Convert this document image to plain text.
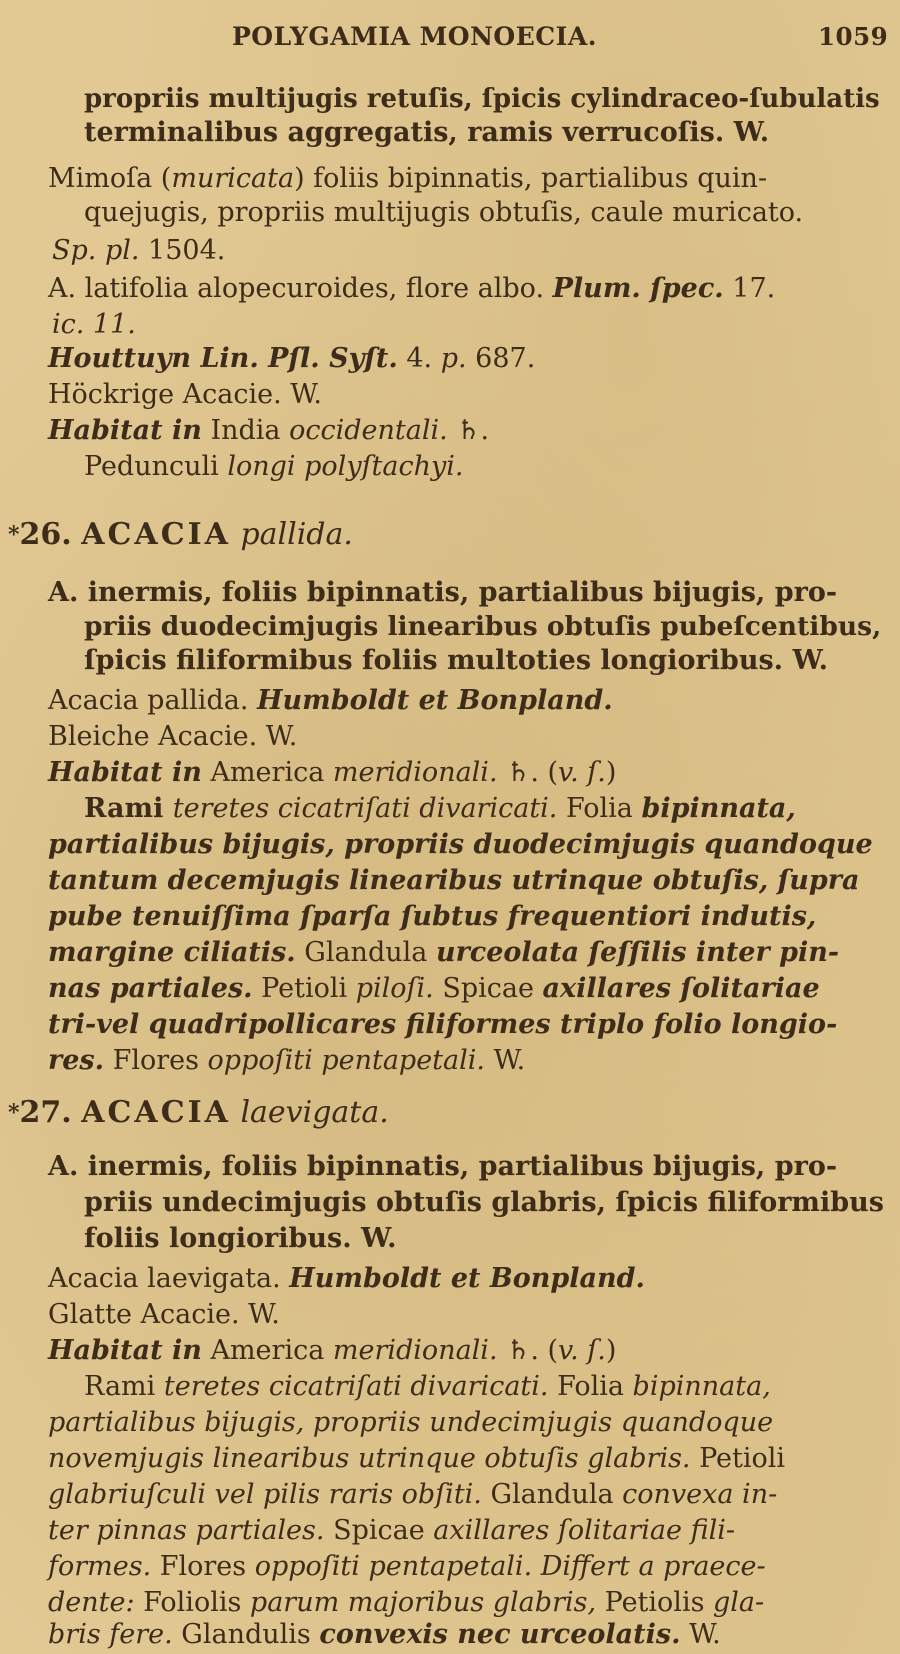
POLYGAMIA MONOECIA.	1059
propriis multijugis retuſis, ſpicis cylindraceo-ſubulatis
terminalibus aggregatis, ramis verrucoſis. W.
Mimoſa (muricata) foliis bipinnatis, partialibus quin-
quejugis, propriis multijugis obtuſis, caule muricato.
Sp. pl. 1504.
A. latifolia alopecuroides, flore albo. Plum. ſpec. 17.
ic. 11.
Houttuyn Lin. Pſl. Syſt. 4. p. 687.
Höckrige Acacie. W.
Habitat in India occidentali. ♄.
Pedunculi longi polyſtachyi.
*26. ACACIA pallida.
A. inermis, foliis bipinnatis, partialibus bijugis, pro-
priis duodecimjugis linearibus obtuſis pubeſcentibus,
ſpicis filiformibus foliis multoties longioribus. W.
Acacia pallida. Humboldt et Bonpland.
Bleiche Acacie. W.
Habitat in America meridionali. ♄. (v. ſ.)
Rami teretes cicatriſati divaricati. Folia bipinnata,
partialibus bijugis, propriis duodecimjugis quandoque
tantum decemjugis linearibus utrinque obtuſis, ſupra
pube tenuiſſima ſparſa ſubtus frequentiori indutis,
margine ciliatis. Glandula urceolata ſeſſilis inter pin-
nas partiales. Petioli piloſi. Spicae axillares ſolitariae
tri-vel quadripollicares filiformes triplo folio longio-
res. Flores oppoſiti pentapetali. W.
*27. ACACIA laevigata.
A. inermis, foliis bipinnatis, partialibus bijugis, pro-
priis undecimjugis obtuſis glabris, ſpicis filiformibus
foliis longioribus. W.
Acacia laevigata. Humboldt et Bonpland.
Glatte Acacie. W.
Habitat in America meridionali. ♄. (v. ſ.)
Rami teretes cicatriſati divaricati. Folia bipinnata,
partialibus bijugis, propriis undecimjugis quandoque
novemjugis linearibus utrinque obtuſis glabris. Petioli
glabriuſculi vel pilis raris obſiti. Glandula convexa in-
ter pinnas partiales. Spicae axillares ſolitariae fili-
formes. Flores oppoſiti pentapetali. Differt a praece-
dente: Foliolis parum majoribus glabris, Petiolis gla-
bris fere. Glandulis convexis nec urceolatis. W.
